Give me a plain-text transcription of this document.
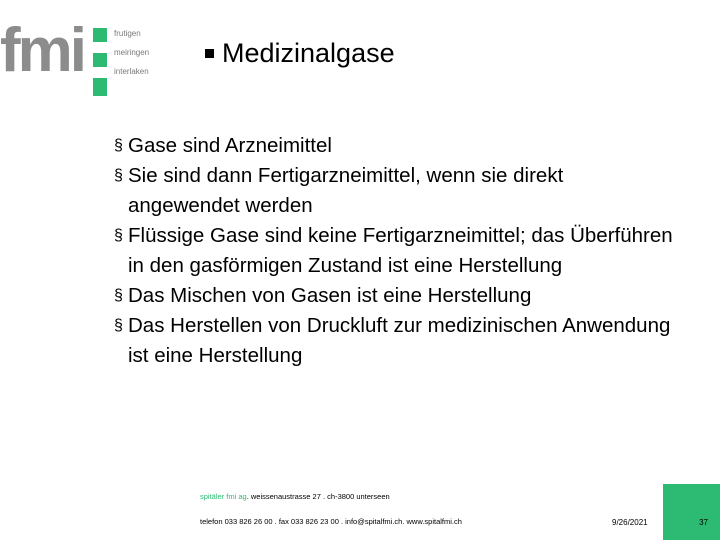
fmi	frutigen
meiringen
interlaken
Medizinalgase
§ Gase sind Arzneimittel
§ Sie sind dann Fertigarzneimittel, wenn sie direkt angewendet werden
§ Flüssige Gase sind keine Fertigarzneimittel; das Überführen in den gasförmigen Zustand ist eine Herstellung
§ Das Mischen von Gasen ist eine Herstellung
§ Das Herstellen von Druckluft zur medizinischen Anwendung ist eine Herstellung
spitäler fmi ag. weissenaustrasse 27 . ch-3800 unterseen
telefon 033 826 26 00 . fax 033 826 23 00 . info@spitalfmi.ch. www.spitalfmi.ch	9/26/2021	37
